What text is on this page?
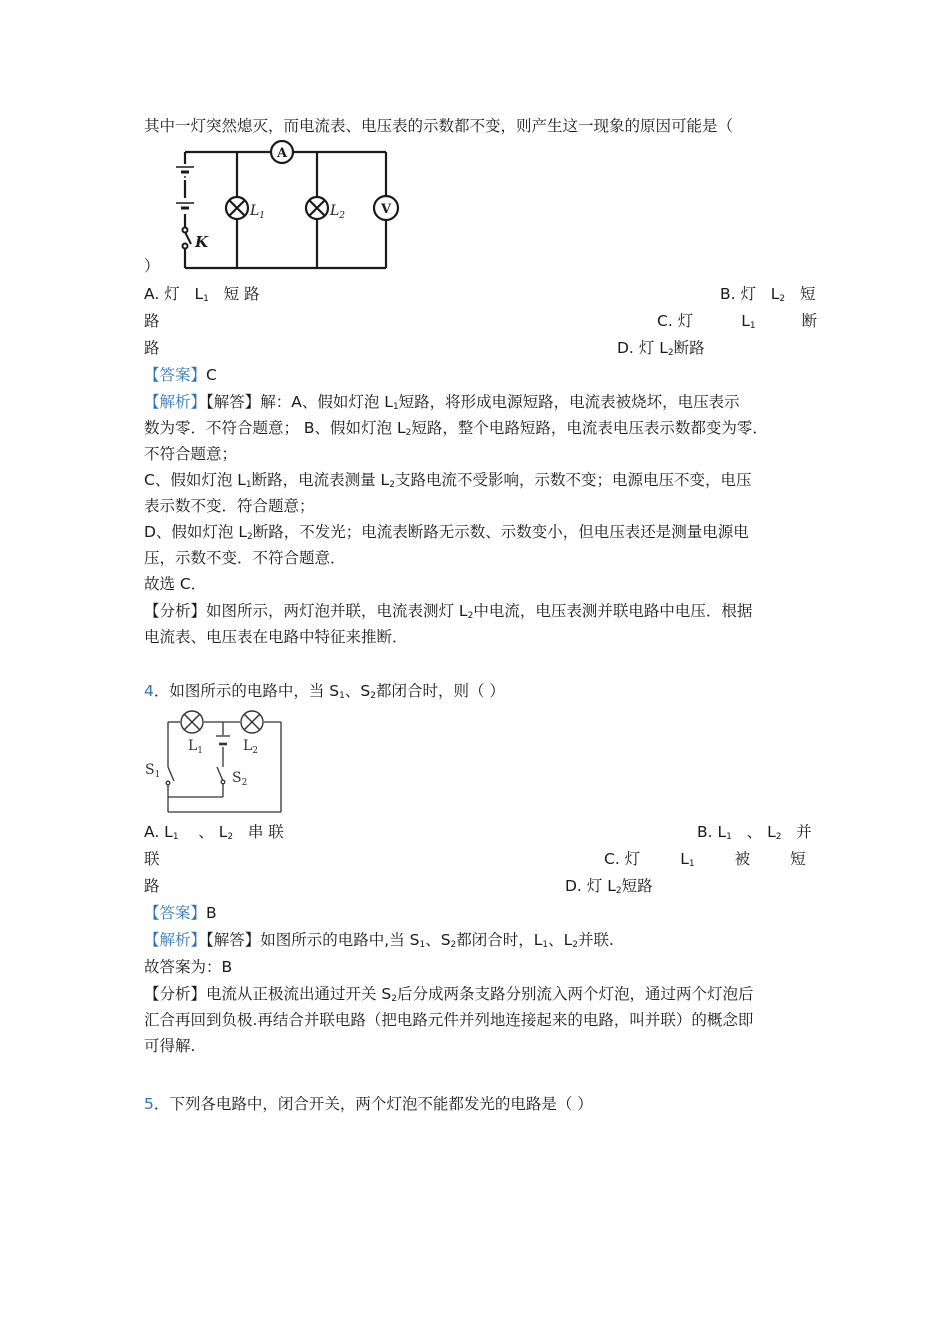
其中一灯突然熄灭，而电流表、电压表的示数都不变，则产生这一现象的原因可能是（
K
A
$L_1$	$L_2$	V
）
A. 灯 $L_1$ 短 路	B. 灯 $L_2$ 短
路	C. 灯	$L_1$	断
路	D. 灯 $L_2$断路
【答案】C
【解析】【解答】解：A、假如灯泡 $L_1$短路，将形成电源短路，电流表被烧坏，电压表示
数为零．不符合题意； B、假如灯泡 $L_2$短路，整个电路短路，电流表电压表示数都变为零．
不符合题意；
C、假如灯泡 $L_1$断路，电流表测量 $L_2$支路电流不受影响，示数不变；电源电压不变，电压
表示数不变．符合题意；
D、假如灯泡 $L_2$断路，不发光；电流表断路无示数、示数变小，但电压表还是测量电源电
压，示数不变．不符合题意．
故选 C．
【分析】如图所示，两灯泡并联，电流表测灯 $L_2$中电流，电压表测并联电路中电压．根据
电流表、电压表在电路中特征来推断．
4．如图所示的电路中，当 $S_1$、$S_2$都闭合时，则（ ）
$L_1$	$L_2$
$S_1$	$S_2$
A. $L_1$ 、 $L_2$ 串 联	B. $L_1$ 、 $L_2$ 并
联	C. 灯	$L_1$	被	短
路	D. 灯 $L_2$短路
【答案】B
【解析】【解答】如图所示的电路中,当 $S_1$、$S_2$都闭合时，$L_1$、$L_2$并联.
故答案为：B
【分析】电流从正极流出通过开关 $S_2$后分成两条支路分别流入两个灯泡，通过两个灯泡后
汇合再回到负极.再结合并联电路（把电路元件并列地连接起来的电路，叫并联）的概念即
可得解.
5．下列各电路中，闭合开关，两个灯泡不能都发光的电路是（ ）
